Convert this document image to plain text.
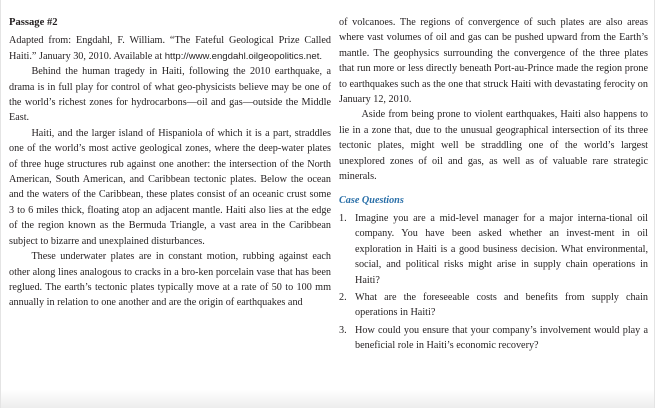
Passage #2

Adapted from: Engdahl, F. William. “The Fateful Geological Prize Called Haiti.” January 30, 2010. Available at http://www.engdahl.oilgeopolitics.net.

Behind the human tragedy in Haiti, following the 2010 earthquake, a drama is in full play for control of what geo-physicists believe may be one of the world’s richest zones for hydrocarbons—oil and gas—outside the Middle East.

Haiti, and the larger island of Hispaniola of which it is a part, straddles one of the world’s most active geological zones, where the deep-water plates of three huge structures rub against one another: the intersection of the North American, South American, and Caribbean tectonic plates. Below the ocean and the waters of the Caribbean, these plates consist of an oceanic crust some 3 to 6 miles thick, floating atop an adjacent mantle. Haiti also lies at the edge of the region known as the Bermuda Triangle, a vast area in the Caribbean subject to bizarre and unexplained disturbances.

These underwater plates are in constant motion, rubbing against each other along lines analogous to cracks in a bro-ken porcelain vase that has been reglued. The earth’s tectonic plates typically move at a rate of 50 to 100 mm annually in relation to one another and are the origin of earthquakes and

of volcanoes. The regions of convergence of such plates are also areas where vast volumes of oil and gas can be pushed upward from the Earth’s mantle. The geophysics surrounding the convergence of the three plates that run more or less directly beneath Port-au-Prince made the region prone to earthquakes such as the one that struck Haiti with devastating ferocity on January 12, 2010.

Aside from being prone to violent earthquakes, Haiti also happens to lie in a zone that, due to the unusual geographical intersection of its three tectonic plates, might well be straddling one of the world’s largest unexplored zones of oil and gas, as well as of valuable rare strategic minerals.

Case Questions
1. Imagine you are a mid-level manager for a major interna-tional oil company. You have been asked whether an invest-ment in oil exploration in Haiti is a good business decision. What environmental, social, and political risks might arise in supply chain operations in Haiti?
2. What are the foreseeable costs and benefits from supply chain operations in Haiti?
3. How could you ensure that your company’s involvement would play a beneficial role in Haiti’s economic recovery?
